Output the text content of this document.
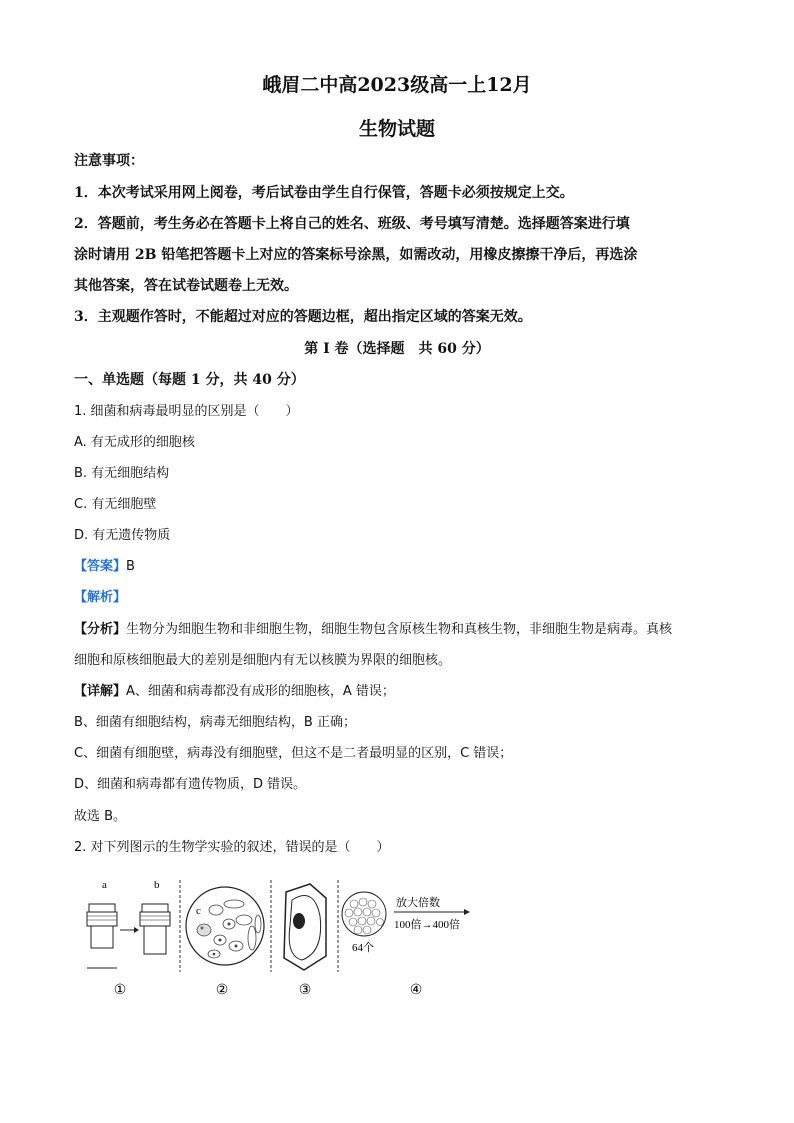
峨眉二中高2023级高一上12月
生物试题
注意事项：
1．本次考试采用网上阅卷，考后试卷由学生自行保管，答题卡必须按规定上交。
2．答题前，考生务必在答题卡上将自己的姓名、班级、考号填写清楚。选择题答案进行填
涂时请用 2B 铅笔把答题卡上对应的答案标号涂黑，如需改动，用橡皮擦擦干净后，再选涂
其他答案，答在试卷试题卷上无效。
3．主观题作答时，不能超过对应的答题边框，超出指定区域的答案无效。
第 I 卷（选择题　共 60 分）
一、单选题（每题 1 分，共 40 分）
1. 细菌和病毒最明显的区别是（　　）
A. 有无成形的细胞核
B. 有无细胞结构
C. 有无细胞壁
D. 有无遗传物质
【答案】B
【解析】
【分析】生物分为细胞生物和非细胞生物，细胞生物包含原核生物和真核生物，非细胞生物是病毒。真核
细胞和原核细胞最大的差别是细胞内有无以核膜为界限的细胞核。
【详解】A、细菌和病毒都没有成形的细胞核，A 错误；
B、细菌有细胞结构，病毒无细胞结构，B 正确；
C、细菌有细胞壁，病毒没有细胞壁，但这不是二者最明显的区别，C 错误；
D、细菌和病毒都有遗传物质，D 错误。
故选 B。
2. 对下列图示的生物学实验的叙述，错误的是（　　）
a	b
c
64个
放大倍数
100倍→400倍
①	②	③	④
